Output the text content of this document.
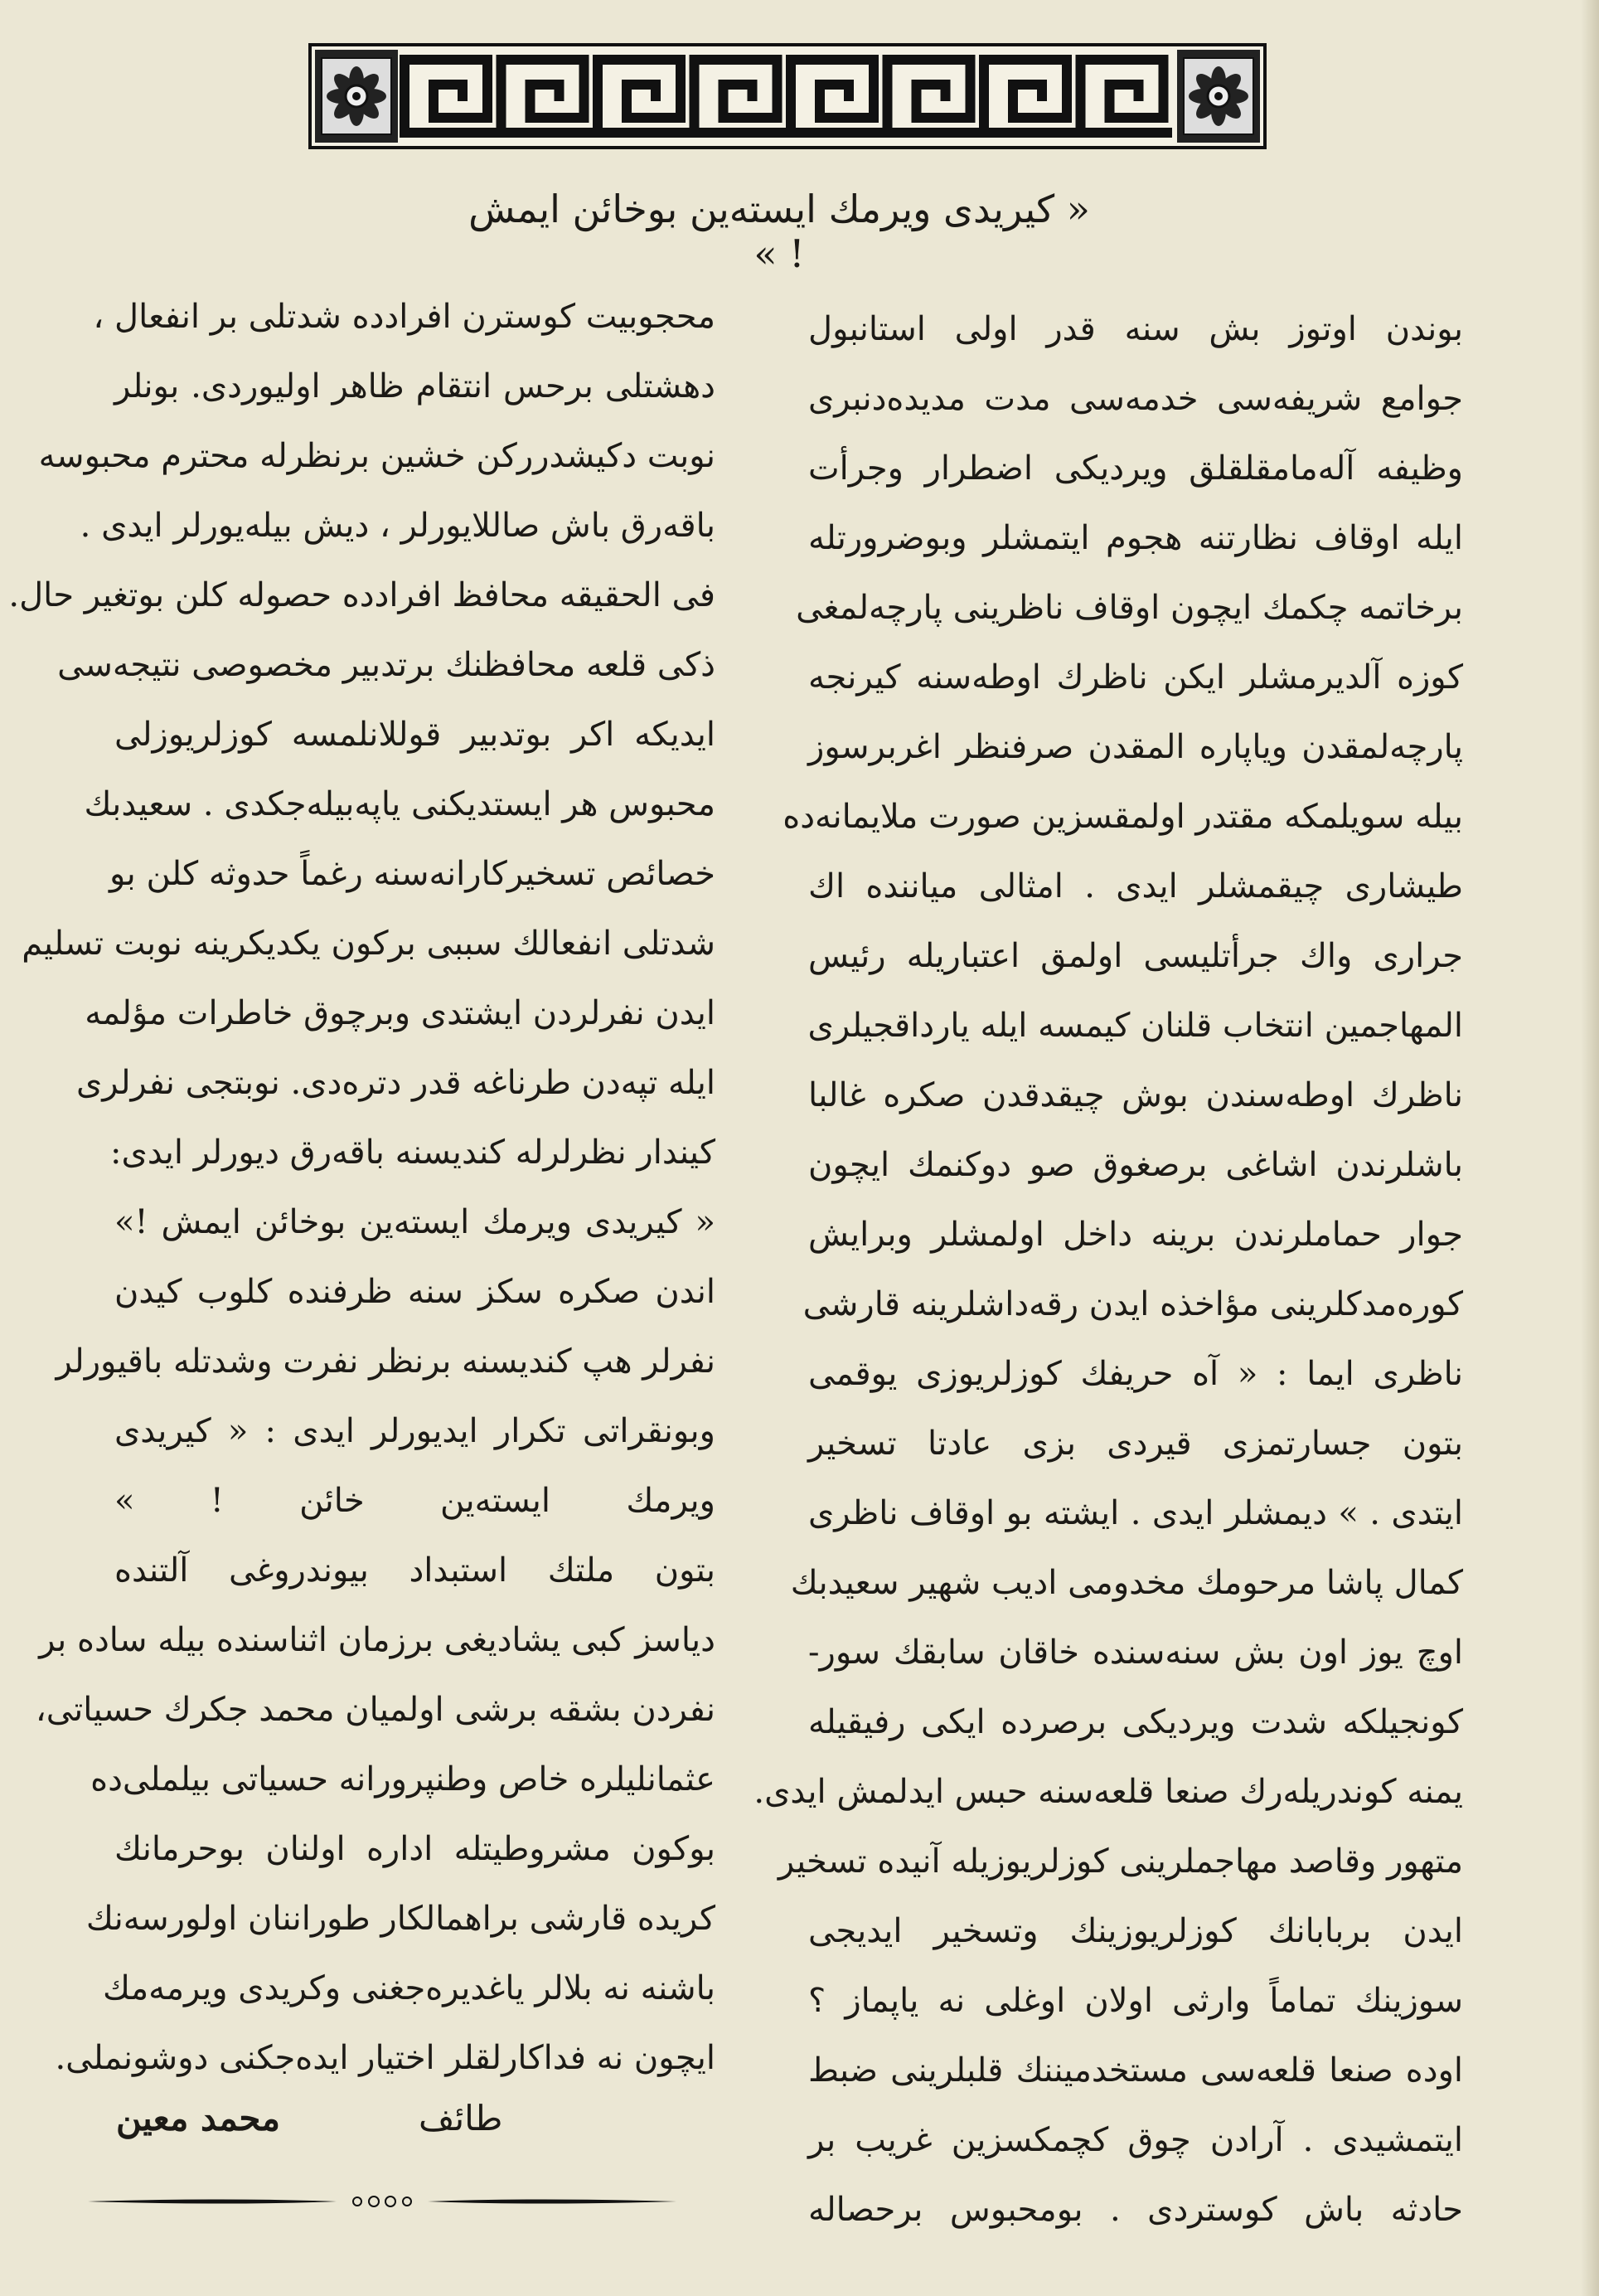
« کیریدی ویرمك ایسته‌ین بوخائن ایمش ! »
بوندن اوتوز بش سنه قدر اولی استانبول
جوامع شریفه‌سی خدمه‌سی مدت مدیده‌دنبری
وظیفه آله‌مامقلقلق ویردیکی اضطرار وجرأت
ایله اوقاف نظارتنه هجوم ایتمشلر وبوضرورتله
برخاتمه چکمك ایچون اوقاف ناظرینی پارچه‌لمغی
کوزه آلدیرمشلر ایکن ناظرك اوطه‌سنه کیرنجه
پارچه‌لمقدن ویاپاره المقدن صرفنظر اغربرسوز
بیله سویلمکه مقتدر اولمقسزین صورت ملایمانه‌ده
طیشاری چیقمشلر ایدی . امثالی میاننده اك
جراری واك جرأتلیسی اولمق اعتباریله رئیس
المهاجمین انتخاب قلنان کیمسه ایله یارداقجیلری
ناظرك اوطه‌سندن بوش چیقدقدن صکره غالبا
باشلرندن اشاغی برصغوق صو دوکنمك ایچون
جوار حماملرندن برینه داخل اولمشلر وبرایش
کوره‌مدکلرینی مؤاخذه ایدن رقه‌داشلرینه قارشی
ناظری ایما : « آه حریفك کوزلریوزی یوقمی
بتون جسارتمزی قیردی بزی عادتا تسخیر
ایتدی . » دیمشلر ایدی . ایشته بو اوقاف ناظری
کمال پاشا مرحومك مخدومی ادیب شهیر سعیدبك
اوچ یوز اون بش سنه‌سنده خاقان سابقك سور-
کونجیلکه شدت ویردیکی برصرده ایکی رفیقیله
یمنه کوندریله‌رك صنعا قلعه‌سنه حبس ایدلمش ایدی.
متهور وقاصد مهاجملرینی کوزلریوزیله آنیده تسخیر
ایدن بربابانك کوزلریوزینك وتسخیر ایدیجی
سوزینك تماماً وارثی اولان اوغلی نه یاپماز ؟
اوده صنعا قلعه‌سی مستخدمیننك قلبلرینی ضبط
ایتمشیدی . آرادن چوق کچمکسزین غریب بر
حادثه باش کوستردی . بومحبوس برحصاله
محجوبیت کوسترن افرادده شدتلی بر انفعال ،
دهشتلی برحس انتقام ظاهر اولیوردی. بونلر
نوبت دکیشدررکن خشین برنظرله محترم محبوسه
باقه‌رق باش صاللایورلر ، دیش بیله‌یورلر ایدی .
فی الحقیقه محافظ افرادده حصوله کلن بوتغیر حال.
ذکی قلعه محافظنك برتدبیر مخصوصی نتیجه‌سی
ایدیکه اکر بوتدبیر قوللانلمسه کوزلریوزلی
محبوس هر ایستدیکنی یاپه‌بیله‌جکدی . سعیدبك
خصائص تسخیرکارانه‌سنه رغماً حدوثه کلن بو
شدتلی انفعالك سببی برکون یکدیکرینه نوبت تسلیم
ایدن نفرلردن ایشتدی وبرچوق خاطرات مؤلمه
ایله تپه‌دن طرناغه قدر دتره‌دی. نوبتجی نفرلری
کیندار نظرلرله کندیسنه باقه‌رق دیورلر ایدی:
« کیریدی ویرمك ایسته‌ین بوخائن ایمش !»
اندن صکره سکز سنه ظرفنده کلوب کیدن
نفرلر هپ کندیسنه برنظر نفرت وشدتله باقیورلر
وبونقراتی تکرار ایدیورلر ایدی : « کیریدی
ویرمك ایسته‌ین خائن ! »
بتون ملتك استبداد بیوندروغی آلتنده
دیاسز کبی یشادیغی برزمان اثناسنده بیله ساده بر
نفردن بشقه برشی اولمیان محمد جکرك حسیاتی،
عثمانلیلره خاص وطنپرورانه حسیاتی بیلملی‌ده
بوکون مشروطیتله اداره اولنان بوحرمانك
کریده قارشی براهمالکار طوراننان اولورسه‌نك
باشنه نه بلالر یاغدیره‌جغنی وکریدی ویرمه‌مك
ایچون نه فداکارلقلر اختیار ایده‌جکنی دوشونملی.
محمد معین	طائف
